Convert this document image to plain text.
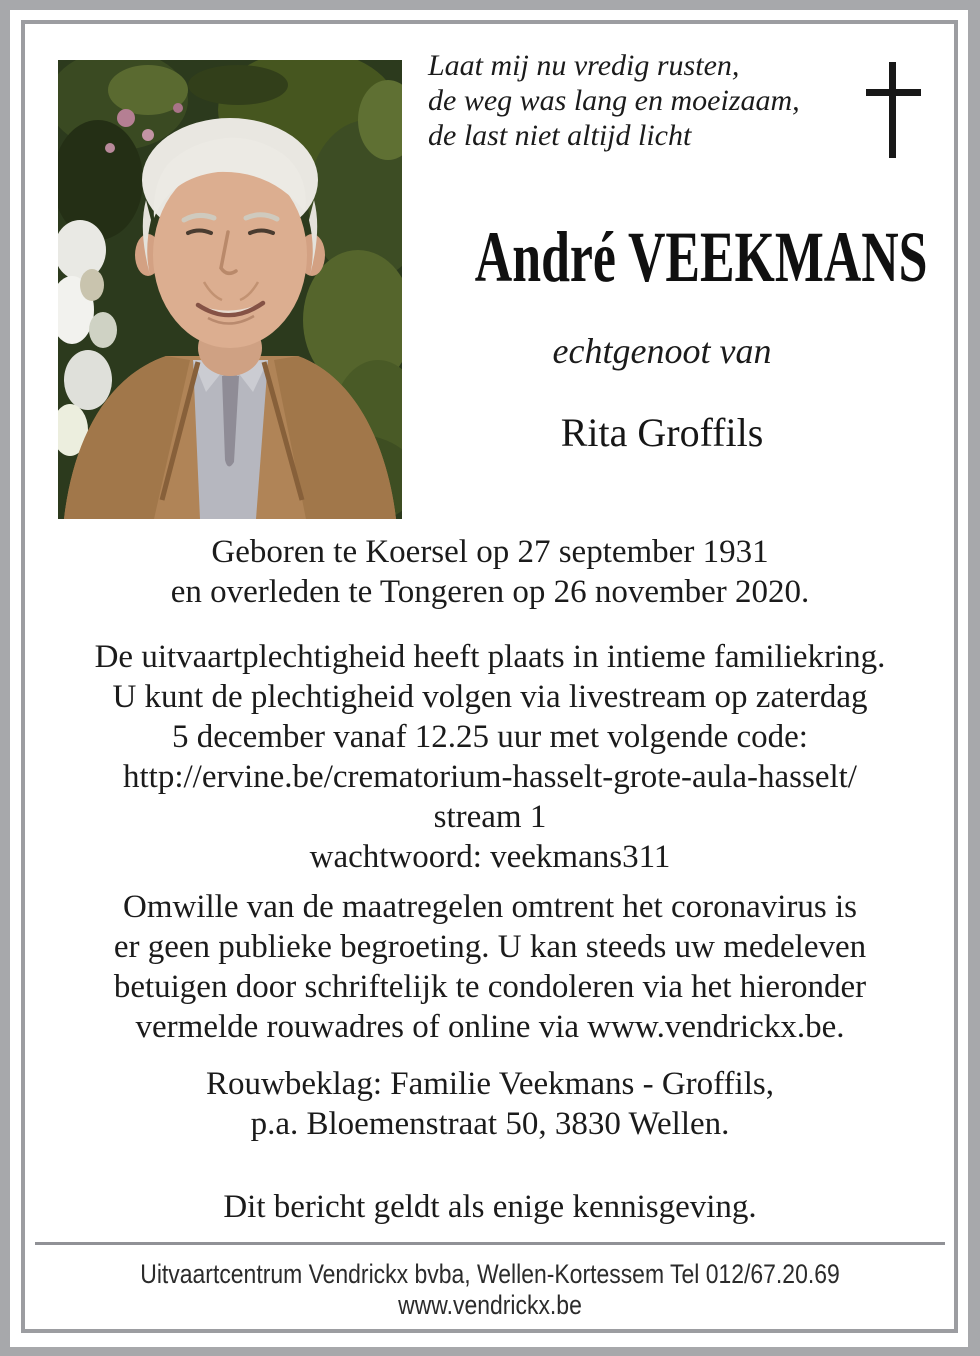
Laat mij nu vredig rusten,
de weg was lang en moeizaam,
de last niet altijd licht
André VEEKMANS
echtgenoot van
Rita Groffils
Geboren te Koersel op 27 september 1931
en overleden te Tongeren op 26 november 2020.
De uitvaartplechtigheid heeft plaats in intieme familiekring.
U kunt de plechtigheid volgen via livestream op zaterdag
5 december vanaf 12.25 uur met volgende code:
http://ervine.be/crematorium-hasselt-grote-aula-hasselt/
stream 1
wachtwoord: veekmans311
Omwille van de maatregelen omtrent het coronavirus is
er geen publieke begroeting. U kan steeds uw medeleven
betuigen door schriftelijk te condoleren via het hieronder
vermelde rouwadres of online via www.vendrickx.be.
Rouwbeklag: Familie Veekmans - Groffils,
p.a. Bloemenstraat 50, 3830 Wellen.
Dit bericht geldt als enige kennisgeving.
Uitvaartcentrum Vendrickx bvba, Wellen-Kortessem Tel 012/67.20.69
www.vendrickx.be
